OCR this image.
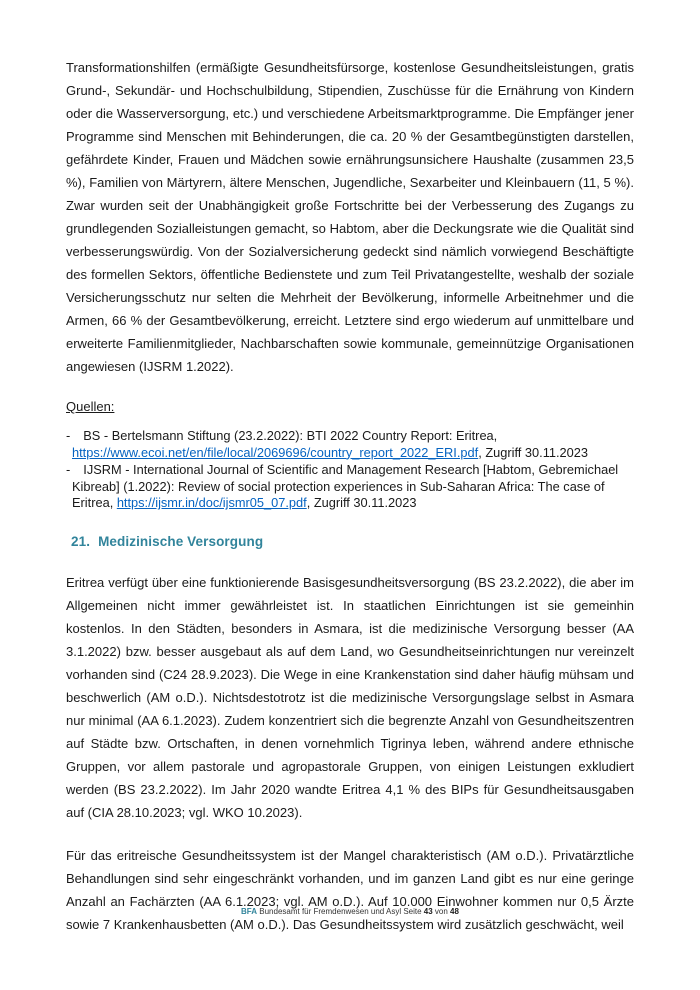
Transformationshilfen (ermäßigte Gesundheitsfürsorge, kostenlose Gesundheitsleistungen, gratis Grund-, Sekundär- und Hochschulbildung, Stipendien, Zuschüsse für die Ernährung von Kindern oder die Wasserversorgung, etc.) und verschiedene Arbeitsmarktprogramme. Die Empfänger jener Programme sind Menschen mit Behinderungen, die ca. 20 % der Gesamtbegünstigten darstellen, gefährdete Kinder, Frauen und Mädchen sowie ernährungsunsichere Haushalte (zusammen 23,5 %), Familien von Märtyrern, ältere Menschen, Jugendliche, Sexarbeiter und Kleinbauern (11, 5 %). Zwar wurden seit der Unabhängigkeit große Fortschritte bei der Verbesserung des Zugangs zu grundlegenden Sozialleistungen gemacht, so Habtom, aber die Deckungsrate wie die Qualität sind verbesserungswürdig. Von der Sozialversicherung gedeckt sind nämlich vorwiegend Beschäftigte des formellen Sektors, öffentliche Bedienstete und zum Teil Privatangestellte, weshalb der soziale Versicherungsschutz nur selten die Mehrheit der Bevölkerung, informelle Arbeitnehmer und die Armen, 66 % der Gesamtbevölkerung, erreicht. Letztere sind ergo wiederum auf unmittelbare und erweiterte Familienmitglieder, Nachbarschaften sowie kommunale, gemeinnützige Organisationen angewiesen (IJSRM 1.2022).

Quellen:

- BS - Bertelsmann Stiftung (23.2.2022): BTI 2022 Country Report: Eritrea, https://www.ecoi.net/en/file/local/2069696/country_report_2022_ERI.pdf, Zugriff 30.11.2023
- IJSRM - International Journal of Scientific and Management Research [Habtom, Gebremichael Kibreab] (1.2022): Review of social protection experiences in Sub-Saharan Africa: The case of Eritrea, https://ijsmr.in/doc/ijsmr05_07.pdf, Zugriff 30.11.2023
21. Medizinische Versorgung

Eritrea verfügt über eine funktionierende Basisgesundheitsversorgung (BS 23.2.2022), die aber im Allgemeinen nicht immer gewährleistet ist. In staatlichen Einrichtungen ist sie gemeinhin kostenlos. In den Städten, besonders in Asmara, ist die medizinische Versorgung besser (AA 3.1.2022) bzw. besser ausgebaut als auf dem Land, wo Gesundheitseinrichtungen nur vereinzelt vorhanden sind (C24 28.9.2023). Die Wege in eine Krankenstation sind daher häufig mühsam und beschwerlich (AM o.D.). Nichtsdestotrotz ist die medizinische Versorgungslage selbst in Asmara nur minimal (AA 6.1.2023). Zudem konzentriert sich die begrenzte Anzahl von Gesundheitszentren auf Städte bzw. Ortschaften, in denen vornehmlich Tigrinya leben, während andere ethnische Gruppen, vor allem pastorale und agropastorale Gruppen, von einigen Leistungen exkludiert werden (BS 23.2.2022). Im Jahr 2020 wandte Eritrea 4,1 % des BIPs für Gesundheitsausgaben auf (CIA 28.10.2023; vgl. WKO 10.2023).

Für das eritreische Gesundheitssystem ist der Mangel charakteristisch (AM o.D.). Privatärztliche Behandlungen sind sehr eingeschränkt vorhanden, und im ganzen Land gibt es nur eine geringe Anzahl an Fachärzten (AA 6.1.2023; vgl. AM o.D.). Auf 10.000 Einwohner kommen nur 0,5 Ärzte sowie 7 Krankenhausbetten (AM o.D.). Das Gesundheitssystem wird zusätzlich geschwächt, weil

BFA Bundesamt für Fremdenwesen und Asyl Seite 43 von 48
